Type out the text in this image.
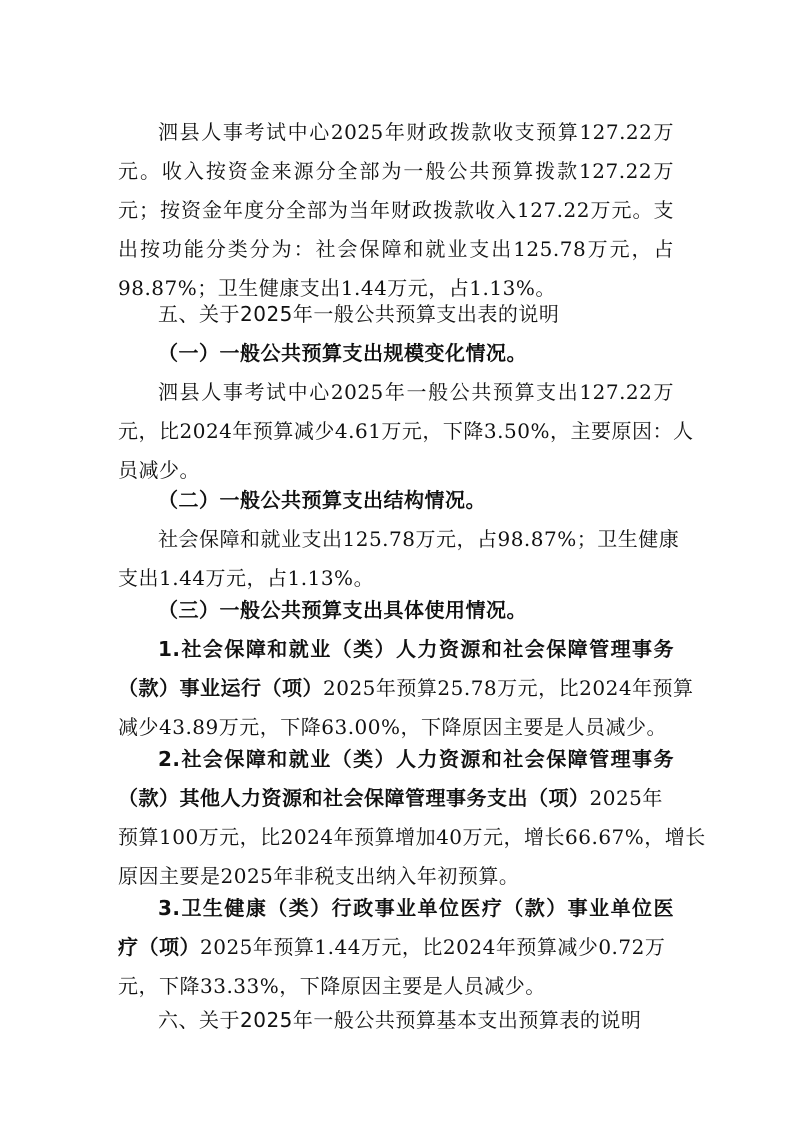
泗县人事考试中心2025年财政拨款收支预算127.22万
元。收入按资金来源分全部为一般公共预算拨款127.22万
元；按资金年度分全部为当年财政拨款收入127.22万元。支
出按功能分类分为：社会保障和就业支出125.78万元，占
98.87%；卫生健康支出1.44万元，占1.13%。
五、关于2025年一般公共预算支出表的说明
（一）一般公共预算支出规模变化情况。
泗县人事考试中心2025年一般公共预算支出127.22万
元，比2024年预算减少4.61万元，下降3.50%，主要原因：人
员减少。
（二）一般公共预算支出结构情况。
社会保障和就业支出125.78万元，占98.87%；卫生健康
支出1.44万元，占1.13%。
（三）一般公共预算支出具体使用情况。
1.社会保障和就业（类）人力资源和社会保障管理事务
（款）事业运行（项）2025年预算25.78万元，比2024年预算
减少43.89万元，下降63.00%，下降原因主要是人员减少。
2.社会保障和就业（类）人力资源和社会保障管理事务
（款）其他人力资源和社会保障管理事务支出（项）2025年
预算100万元，比2024年预算增加40万元，增长66.67%，增长
原因主要是2025年非税支出纳入年初预算。
3.卫生健康（类）行政事业单位医疗（款）事业单位医
疗（项）2025年预算1.44万元，比2024年预算减少0.72万
元，下降33.33%，下降原因主要是人员减少。
六、关于2025年一般公共预算基本支出预算表的说明
